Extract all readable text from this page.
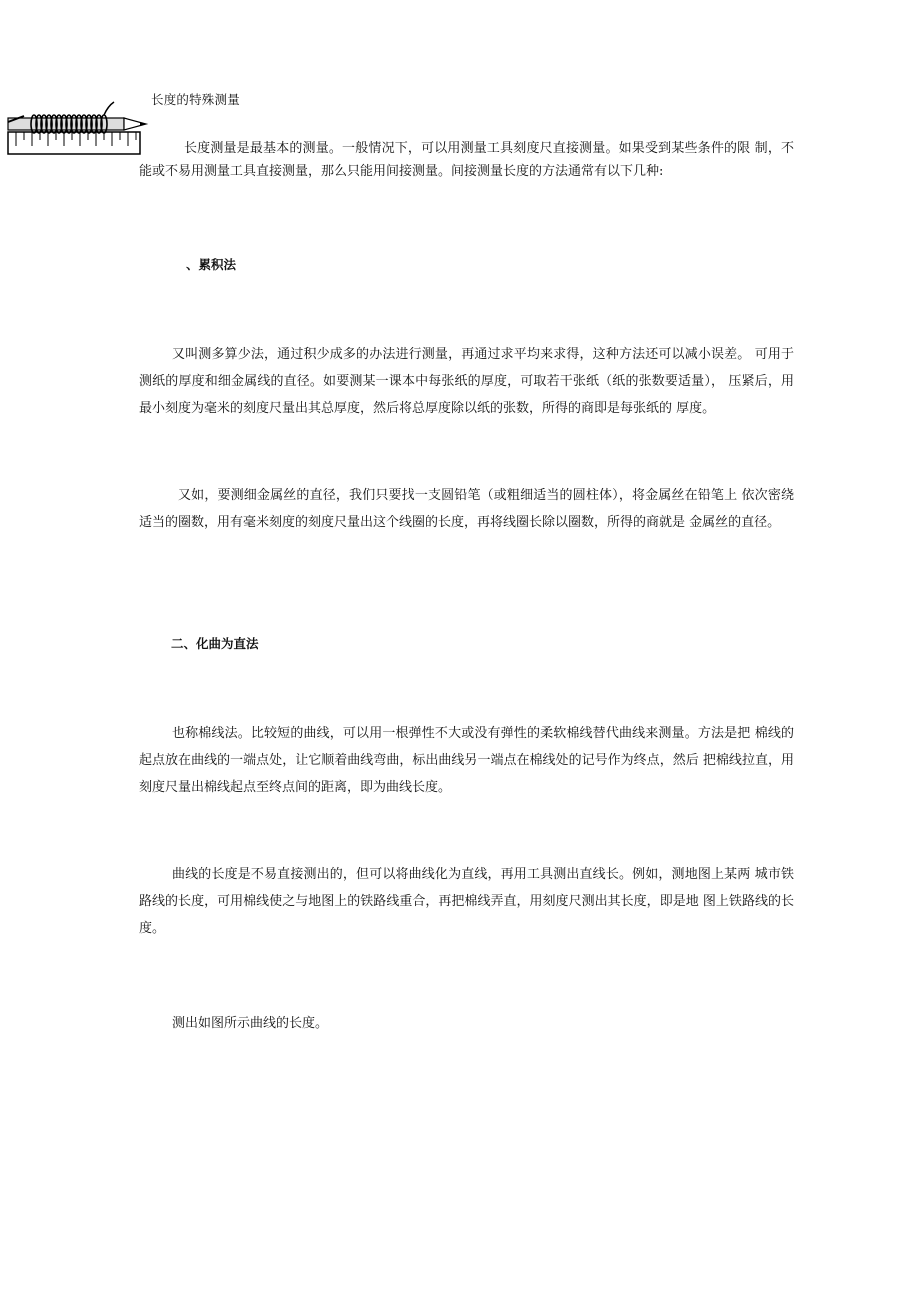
长度的特殊测量

长度测量是最基本的测量。一般情况下，可以用测量工具刻度尺直接测量。如果受到某些条件的限 制，不能或不易用测量工具直接测量，那么只能用间接测量。间接测量长度的方法通常有以下几种:

、累积法

又叫测多算少法，通过积少成多的办法进行测量，再通过求平均来求得，这种方法还可以减小误差。 可用于测纸的厚度和细金属线的直径。如要测某一课本中每张纸的厚度，可取若干张纸（纸的张数要适量）， 压紧后，用最小刻度为毫米的刻度尺量出其总厚度，然后将总厚度除以纸的张数，所得的商即是每张纸的 厚度。

又如，要测细金属丝的直径，我们只要找一支圆铅笔（或粗细适当的圆柱体），将金属丝在铅笔上 依次密绕适当的圈数，用有毫米刻度的刻度尺量出这个线圈的长度，再将线圈长除以圈数，所得的商就是 金属丝的直径。

二、化曲为直法

也称棉线法。比较短的曲线，可以用一根弹性不大或没有弹性的柔软棉线替代曲线来测量。方法是把 棉线的起点放在曲线的一端点处，让它顺着曲线弯曲，标出曲线另一端点在棉线处的记号作为终点，然后 把棉线拉直，用刻度尺量出棉线起点至终点间的距离，即为曲线长度。

曲线的长度是不易直接测出的，但可以将曲线化为直线，再用工具测出直线长。例如，测地图上某两 城市铁路线的长度，可用棉线使之与地图上的铁路线重合，再把棉线弄直，用刻度尺测出其长度，即是地 图上铁路线的长度。

测出如图所示曲线的长度。
